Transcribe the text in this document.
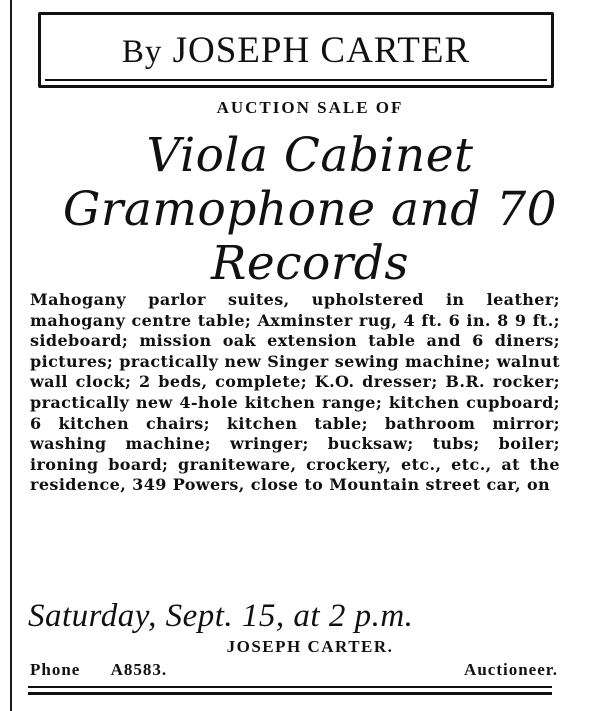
By JOSEPH CARTER
AUCTION SALE OF
Viola Cabinet
Gramophone and 70
Records
Mahogany parlor suites, upholstered in leather; mahogany centre table; Axminster rug, 4 ft. 6 in. 8 9 ft.; sideboard; mission oak extension table and 6 diners; pictures; practically new Singer sewing machine; walnut wall clock; 2 beds, complete; K.O. dresser; B.R. rocker; practically new 4-hole kitchen range; kitchen cupboard; 6 kitchen chairs; kitchen table; bathroom mirror; washing machine; wringer; bucksaw; tubs; boiler; ironing board; graniteware, crockery, etc., etc., at the residence, 349 Powers, close to Mountain street car, on
Saturday, Sept. 15, at 2 p.m.
JOSEPH CARTER.
Phone A8583.	Auctioneer.
